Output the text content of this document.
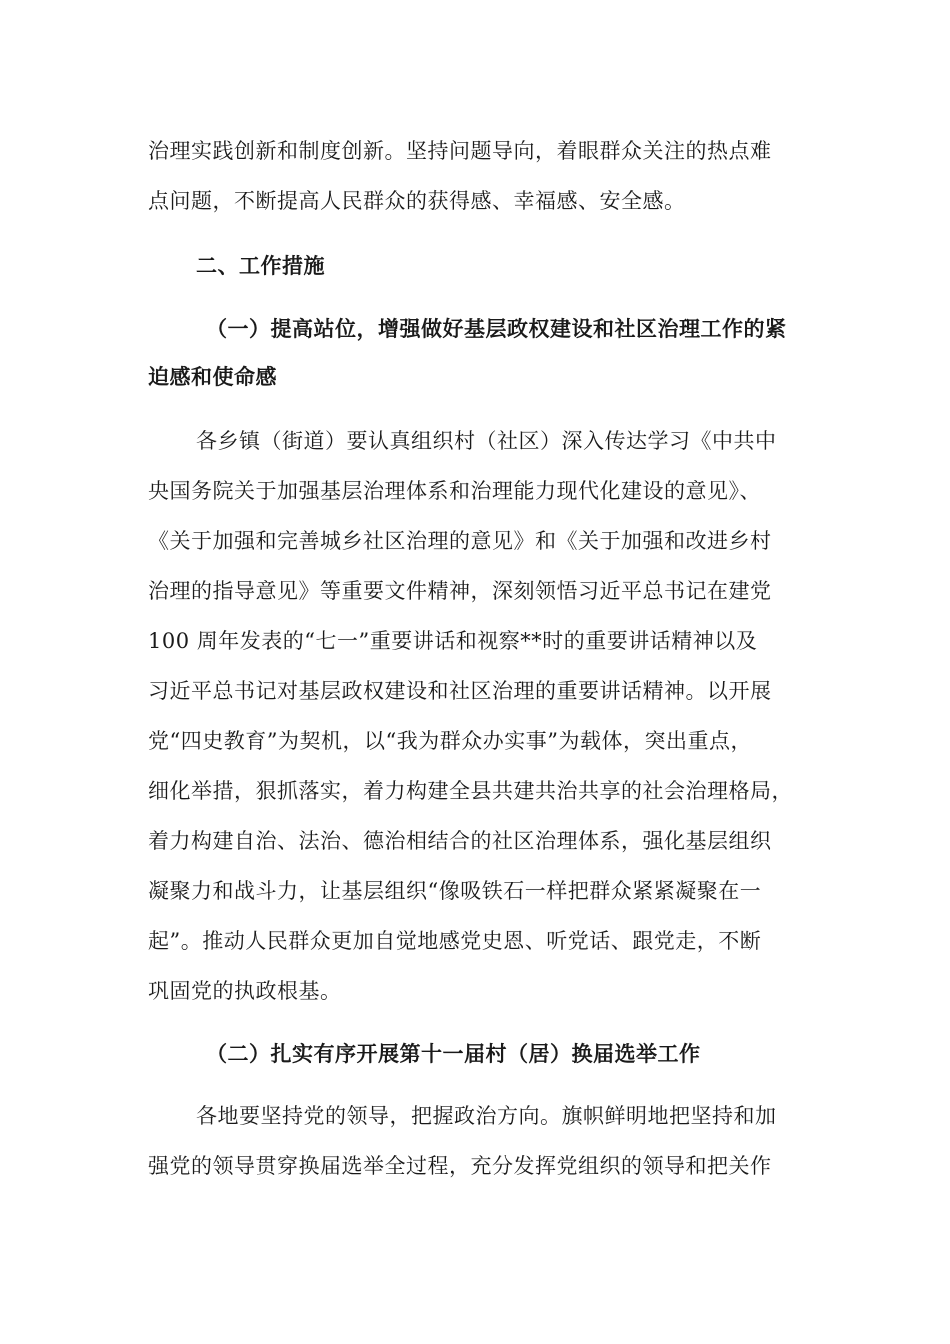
治理实践创新和制度创新。坚持问题导向，着眼群众关注的热点难
点问题，不断提高人民群众的获得感、幸福感、安全感。
二、工作措施
（一）提高站位，增强做好基层政权建设和社区治理工作的紧
迫感和使命感
各乡镇（街道）要认真组织村（社区）深入传达学习《中共中
央国务院关于加强基层治理体系和治理能力现代化建设的意见》、
《关于加强和完善城乡社区治理的意见》和《关于加强和改进乡村
治理的指导意见》等重要文件精神，深刻领悟习近平总书记在建党
100 周年发表的“七一”重要讲话和视察**时的重要讲话精神以及
习近平总书记对基层政权建设和社区治理的重要讲话精神。以开展
党“四史教育”为契机，以“我为群众办实事”为载体，突出重点，
细化举措，狠抓落实，着力构建全县共建共治共享的社会治理格局，
着力构建自治、法治、德治相结合的社区治理体系，强化基层组织
凝聚力和战斗力，让基层组织“像吸铁石一样把群众紧紧凝聚在一
起”。推动人民群众更加自觉地感党史恩、听党话、跟党走，不断
巩固党的执政根基。
（二）扎实有序开展第十一届村（居）换届选举工作
各地要坚持党的领导，把握政治方向。旗帜鲜明地把坚持和加
强党的领导贯穿换届选举全过程，充分发挥党组织的领导和把关作
